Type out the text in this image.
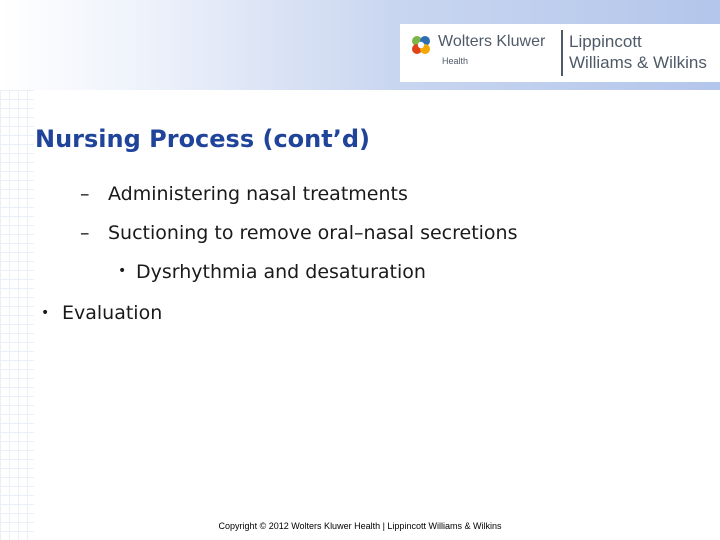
Wolters Kluwer
Health
Lippincott
Williams & Wilkins
Nursing Process (cont’d)
– Administering nasal treatments
– Suctioning to remove oral–nasal secretions
• Dysrhythmia and desaturation
• Evaluation
Copyright © 2012 Wolters Kluwer Health | Lippincott Williams & Wilkins
